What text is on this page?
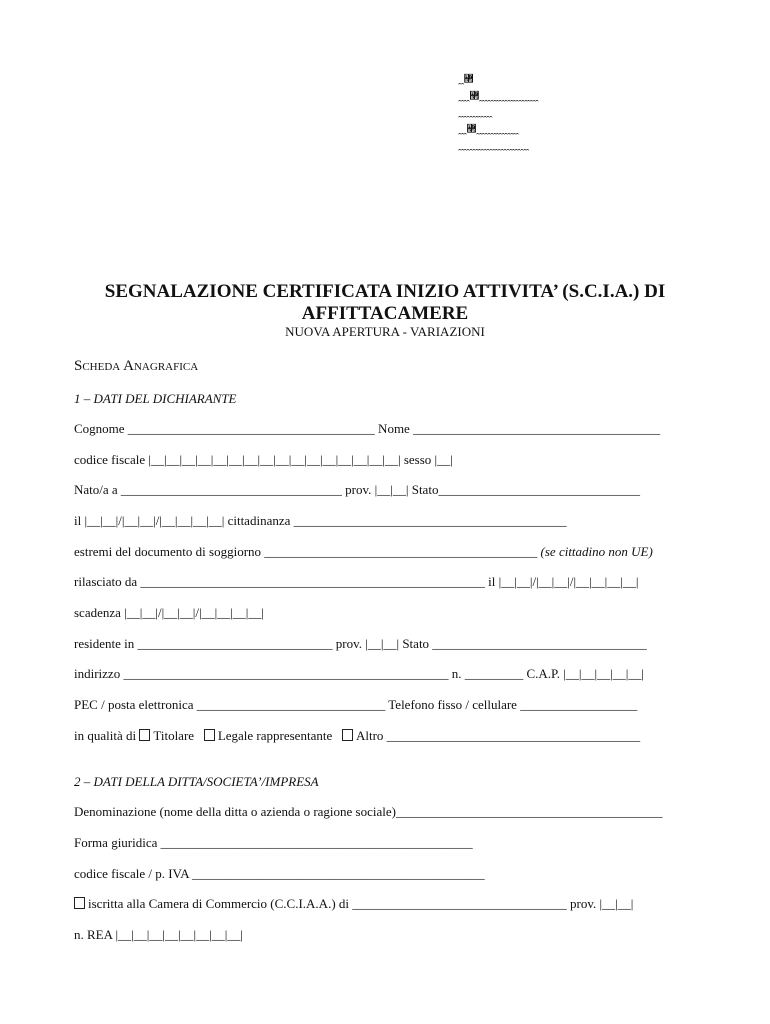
ꞈꞈ꟢
ꞈꞈꞈꞈ꟢ꞈꞈꞈꞈꞈꞈꞈꞈꞈꞈꞈꞈꞈꞈꞈꞈꞈꞈꞈꞈꞈ
ꞈꞈꞈꞈꞈꞈꞈꞈꞈꞈꞈꞈ
ꞈꞈꞈ꟢ꞈꞈꞈꞈꞈꞈꞈꞈꞈꞈꞈꞈꞈꞈꞈ
ꞈꞈꞈꞈꞈꞈꞈꞈꞈꞈꞈꞈꞈꞈꞈꞈꞈꞈꞈꞈꞈꞈꞈꞈꞈ
SEGNALAZIONE CERTIFICATA INIZIO ATTIVITA’ (S.C.I.A.) DI
AFFITTACAMERE
NUOVA APERTURA - VARIAZIONI
Scheda Anagrafica
1 – DATI DEL DICHIARANTE
Cognome ______________________________________ Nome ______________________________________
codice fiscale |__|__|__|__|__|__|__|__|__|__|__|__|__|__|__|__| sesso |__|
Nato/a a __________________________________ prov. |__|__| Stato_______________________________
il |__|__|/|__|__|/|__|__|__|__| cittadinanza __________________________________________
estremi del documento di soggiorno __________________________________________ (se cittadino non UE)
rilasciato da _____________________________________________________ il |__|__|/|__|__|/|__|__|__|__|
scadenza |__|__|/|__|__|/|__|__|__|__|
residente in ______________________________ prov. |__|__| Stato _________________________________
indirizzo __________________________________________________ n. _________ C.A.P. |__|__|__|__|__|
PEC / posta elettronica _____________________________ Telefono fisso / cellulare __________________
in qualità di Titolare Legale rappresentante Altro _______________________________________
2 – DATI DELLA DITTA/SOCIETA’/IMPRESA
Denominazione (nome della ditta o azienda o ragione sociale)_________________________________________
Forma giuridica ________________________________________________
codice fiscale / p. IVA _____________________________________________
iscritta alla Camera di Commercio (C.C.I.A.A.) di _________________________________ prov. |__|__|
n. REA |__|__|__|__|__|__|__|__|
